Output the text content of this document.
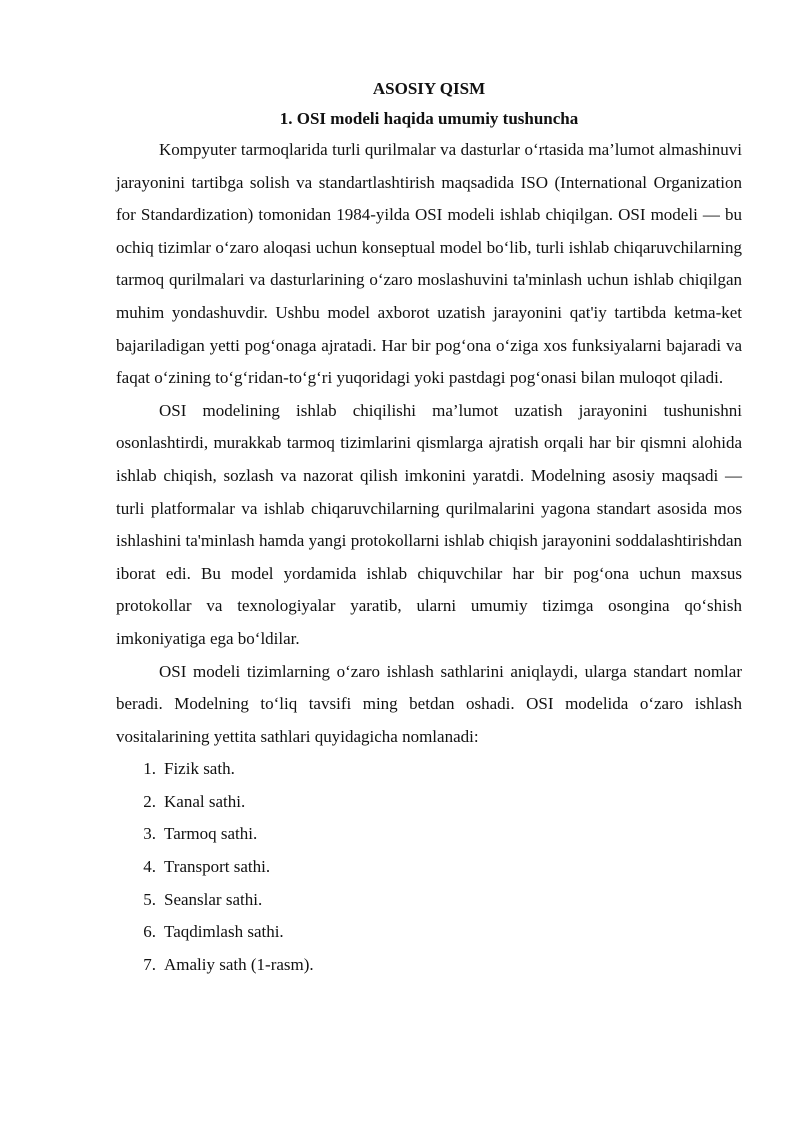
ASOSIY QISM
1. OSI modeli haqida umumiy tushuncha

Kompyuter tarmoqlarida turli qurilmalar va dasturlar o‘rtasida ma’lumot almashinuvi jarayonini tartibga solish va standartlashtirish maqsadida ISO (International Organization for Standardization) tomonidan 1984-yilda OSI modeli ishlab chiqilgan. OSI modeli — bu ochiq tizimlar o‘zaro aloqasi uchun konseptual model bo‘lib, turli ishlab chiqaruvchilarning tarmoq qurilmalari va dasturlarining o‘zaro moslashuvini ta'minlash uchun ishlab chiqilgan muhim yondashuvdir. Ushbu model axborot uzatish jarayonini qat'iy tartibda ketma-ket bajariladigan yetti pog‘onaga ajratadi. Har bir pog‘ona o‘ziga xos funksiyalarni bajaradi va faqat o‘zining to‘g‘ridan-to‘g‘ri yuqoridagi yoki pastdagi pog‘onasi bilan muloqot qiladi.

OSI modelining ishlab chiqilishi ma’lumot uzatish jarayonini tushunishni osonlashtirdi, murakkab tarmoq tizimlarini qismlarga ajratish orqali har bir qismni alohida ishlab chiqish, sozlash va nazorat qilish imkonini yaratdi. Modelning asosiy maqsadi — turli platformalar va ishlab chiqaruvchilarning qurilmalarini yagona standart asosida mos ishlashini ta'minlash hamda yangi protokollarni ishlab chiqish jarayonini soddalashtirishdan iborat edi. Bu model yordamida ishlab chiquvchilar har bir pog‘ona uchun maxsus protokollar va texnologiyalar yaratib, ularni umumiy tizimga osongina qo‘shish imkoniyatiga ega bo‘ldilar.

OSI modeli tizimlarning o‘zaro ishlash sathlarini aniqlaydi, ularga standart nomlar beradi. Modelning to‘liq tavsifi ming betdan oshadi. OSI modelida o‘zaro ishlash vositalarining yettita sathlari quyidagicha nomlanadi:

1. Fizik sath.
2. Kanal sathi.
3. Tarmoq sathi.
4. Transport sathi.
5. Seanslar sathi.
6. Taqdimlash sathi.
7. Amaliy sath (1-rasm).
